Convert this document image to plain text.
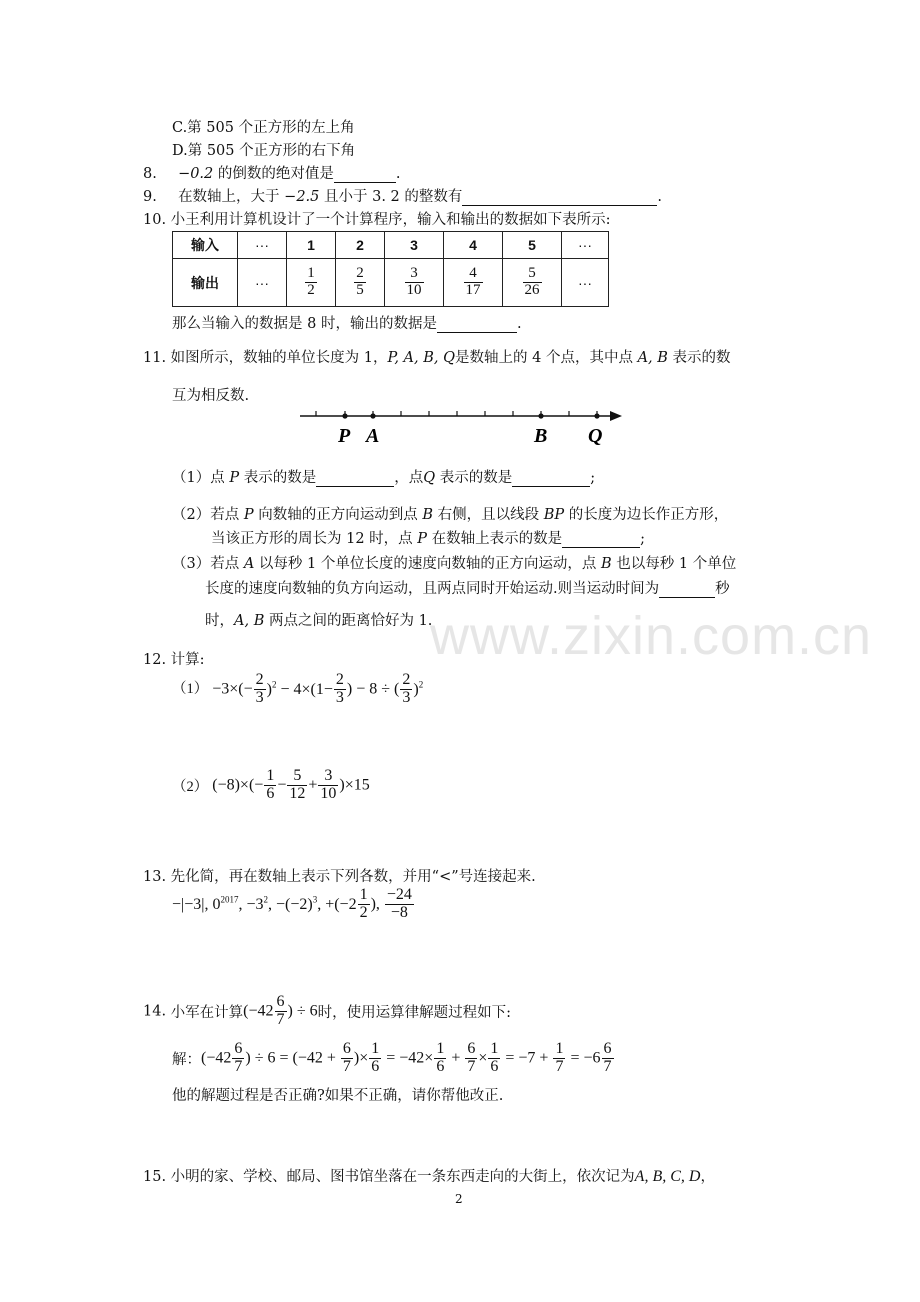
www.zixin.com.cn
C.第 505 个正方形的左上角
D.第 505 个正方形的右下角
8. −0.2 的倒数的绝对值是	.
9. 在数轴上，大于 −2.5 且小于 3. 2 的整数有	.
10. 小王利用计算机设计了一个计算程序，输入和输出的数据如下表所示:
输入	···	1	2	3	4	5	···
输出	···	$\frac{1}{2}$	$\frac{2}{5}$	$\frac{3}{10}$	$\frac{4}{17}$	$\frac{5}{26}$	···
那么当输入的数据是 8 时，输出的数据是	.
11. 如图所示，数轴的单位长度为 1，P, A, B, Q是数轴上的 4 个点，其中点 A, B 表示的数
互为相反数.
P A	B Q
（1）点 P 表示的数是	，点Q 表示的数是	;
（2）若点 P 向数轴的正方向运动到点 B 右侧，且以线段 BP 的长度为边长作正方形，
当该正方形的周长为 12 时，点 P 在数轴上表示的数是	;
（3）若点 A 以每秒 1 个单位长度的速度向数轴的正方向运动，点 B 也以每秒 1 个单位
长度的速度向数轴的负方向运动，且两点同时开始运动.则当运动时间为	秒
时，A, B 两点之间的距离恰好为 1.
12. 计算:
$(1) -3\times(- \frac{2}{3} )^2 - 4\times(1- \frac{2}{3}$ ) − 8 ÷ ( $\frac{2}{3} )^2$
（2） $(-8)\times(- \frac{1}{6} - \frac{5}{12} + \frac{3}{10} )\times 15$
13. 先化简，再在数轴上表示下列各数，并用“<”号连接起来.
−|−3|, $0^{2017}$, $-3^2$, $-(-2)^3$, $+(-2 \frac{1}{2}$ ), $\frac{-24}{-8}$
14. 小军在计算($-42 \frac{6}{7}$ ) ÷ 6时，使用运算律解题过程如下:
解：($-42 \frac{6}{7}$ ) ÷ $6 = (-42 + \frac{6}{7}$ )× $\frac{1}{6} = -42\times \frac{1}{6} + \frac{6}{7} \times \frac{1}{6} = -7 + \frac{1}{7} = -6 \frac{6}{7}$
他的解题过程是否正确?如果不正确，请你帮他改正.
15. 小明的家、学校、邮局、图书馆坐落在一条东西走向的大街上，依次记为A, B, C, D，
2
